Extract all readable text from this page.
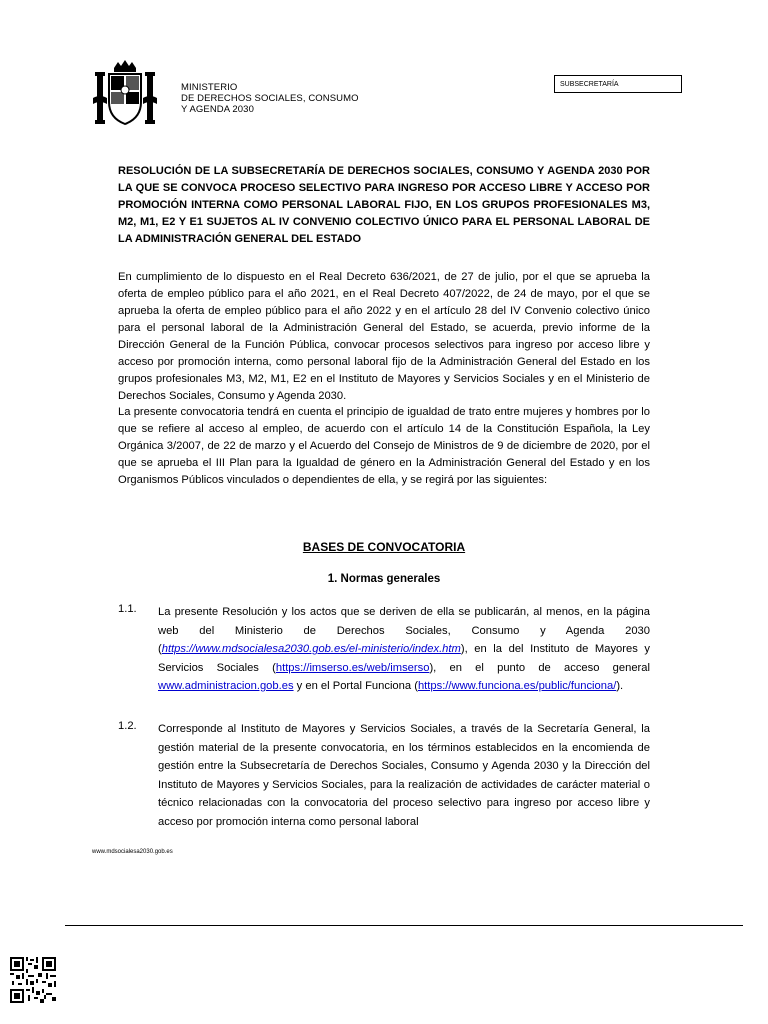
MINISTERIO
DE DERECHOS SOCIALES, CONSUMO
Y AGENDA 2030
SUBSECRETARÍA
RESOLUCIÓN DE LA SUBSECRETARÍA DE DERECHOS SOCIALES, CONSUMO Y AGENDA 2030 POR LA QUE SE CONVOCA PROCESO SELECTIVO PARA INGRESO POR ACCESO LIBRE Y ACCESO POR PROMOCIÓN INTERNA COMO PERSONAL LABORAL FIJO, EN LOS GRUPOS PROFESIONALES M3, M2, M1, E2 Y E1 SUJETOS AL IV CONVENIO COLECTIVO ÚNICO PARA EL PERSONAL LABORAL DE LA ADMINISTRACIÓN GENERAL DEL ESTADO
En cumplimiento de lo dispuesto en el Real Decreto 636/2021, de 27 de julio, por el que se aprueba la oferta de empleo público para el año 2021, en el Real Decreto 407/2022, de 24 de mayo, por el que se aprueba la oferta de empleo público para el año 2022 y en el artículo 28 del IV Convenio colectivo único para el personal laboral de la Administración General del Estado, se acuerda, previo informe de la Dirección General de la Función Pública, convocar procesos selectivos para ingreso por acceso libre y acceso por promoción interna, como personal laboral fijo de la Administración General del Estado en los grupos profesionales M3, M2, M1, E2 en el Instituto de Mayores y Servicios Sociales y en el Ministerio de Derechos Sociales, Consumo y Agenda 2030.
La presente convocatoria tendrá en cuenta el principio de igualdad de trato entre mujeres y hombres por lo que se refiere al acceso al empleo, de acuerdo con el artículo 14 de la Constitución Española, la Ley Orgánica 3/2007, de 22 de marzo y el Acuerdo del Consejo de Ministros de 9 de diciembre de 2020, por el que se aprueba el III Plan para la Igualdad de género en la Administración General del Estado y en los Organismos Públicos vinculados o dependientes de ella, y se regirá por las siguientes:
BASES DE CONVOCATORIA
1. Normas generales
1.1. La presente Resolución y los actos que se deriven de ella se publicarán, al menos, en la página web del Ministerio de Derechos Sociales, Consumo y Agenda 2030 (https://www.mdsocialesa2030.gob.es/el-ministerio/index.htm), en la del Instituto de Mayores y Servicios Sociales (https://imserso.es/web/imserso), en el punto de acceso general www.administracion.gob.es y en el Portal Funciona (https://www.funciona.es/public/funciona/).
1.2. Corresponde al Instituto de Mayores y Servicios Sociales, a través de la Secretaría General, la gestión material de la presente convocatoria, en los términos establecidos en la encomienda de gestión entre la Subsecretaría de Derechos Sociales, Consumo y Agenda 2030 y la Dirección del Instituto de Mayores y Servicios Sociales, para la realización de actividades de carácter material o técnico relacionadas con la convocatoria del proceso selectivo para ingreso por acceso libre y acceso por promoción interna como personal laboral
www.mdsocialesa2030.gob.es
